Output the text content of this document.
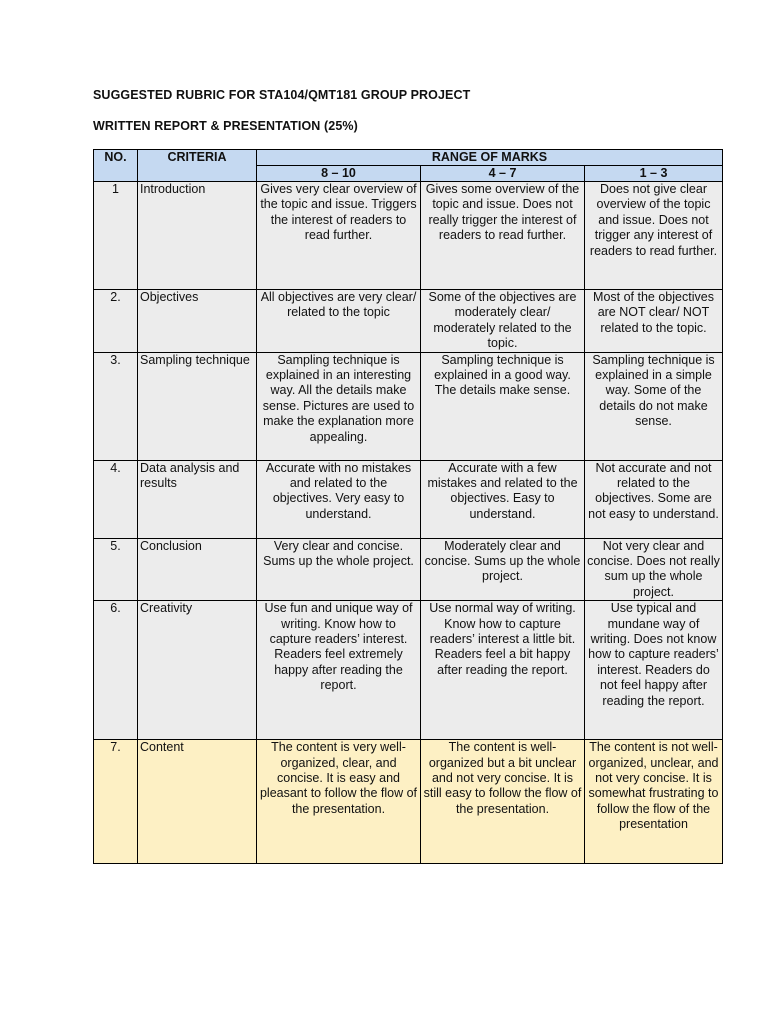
SUGGESTED RUBRIC FOR STA104/QMT181 GROUP PROJECT
WRITTEN REPORT & PRESENTATION (25%)
NO.	CRITERIA	RANGE OF MARKS		
		8 – 10	4 – 7	1 – 3
1	Introduction	Gives very clear overview of the topic and issue. Triggers the interest of readers to read further.	Gives some overview of the topic and issue. Does not really trigger the interest of readers to read further.	Does not give clear overview of the topic and issue. Does not trigger any interest of readers to read further.
2.	Objectives	All objectives are very clear/ related to the topic	Some of the objectives are moderately clear/ moderately related to the topic.	Most of the objectives are NOT clear/ NOT related to the topic.
3.	Sampling technique	Sampling technique is explained in an interesting way. All the details make sense. Pictures are used to make the explanation more appealing.	Sampling technique is explained in a good way. The details make sense.	Sampling technique is explained in a simple way. Some of the details do not make sense.
4.	Data analysis and results	Accurate with no mistakes and related to the objectives. Very easy to understand.	Accurate with a few mistakes and related to the objectives. Easy to understand.	Not accurate and not related to the objectives. Some are not easy to understand.
5.	Conclusion	Very clear and concise. Sums up the whole project.	Moderately clear and concise. Sums up the whole project.	Not very clear and concise. Does not really sum up the whole project.
6.	Creativity	Use fun and unique way of writing. Know how to capture readers’ interest. Readers feel extremely happy after reading the report.	Use normal way of writing. Know how to capture readers’ interest a little bit. Readers feel a bit happy after reading the report.	Use typical and mundane way of writing. Does not know how to capture readers’ interest. Readers do not feel happy after reading the report.
7.	Content	The content is very well-organized, clear, and concise. It is easy and pleasant to follow the flow of the presentation.	The content is well-organized but a bit unclear and not very concise. It is still easy to follow the flow of the presentation.	The content is not well-organized, unclear, and not very concise. It is somewhat frustrating to follow the flow of the presentation
